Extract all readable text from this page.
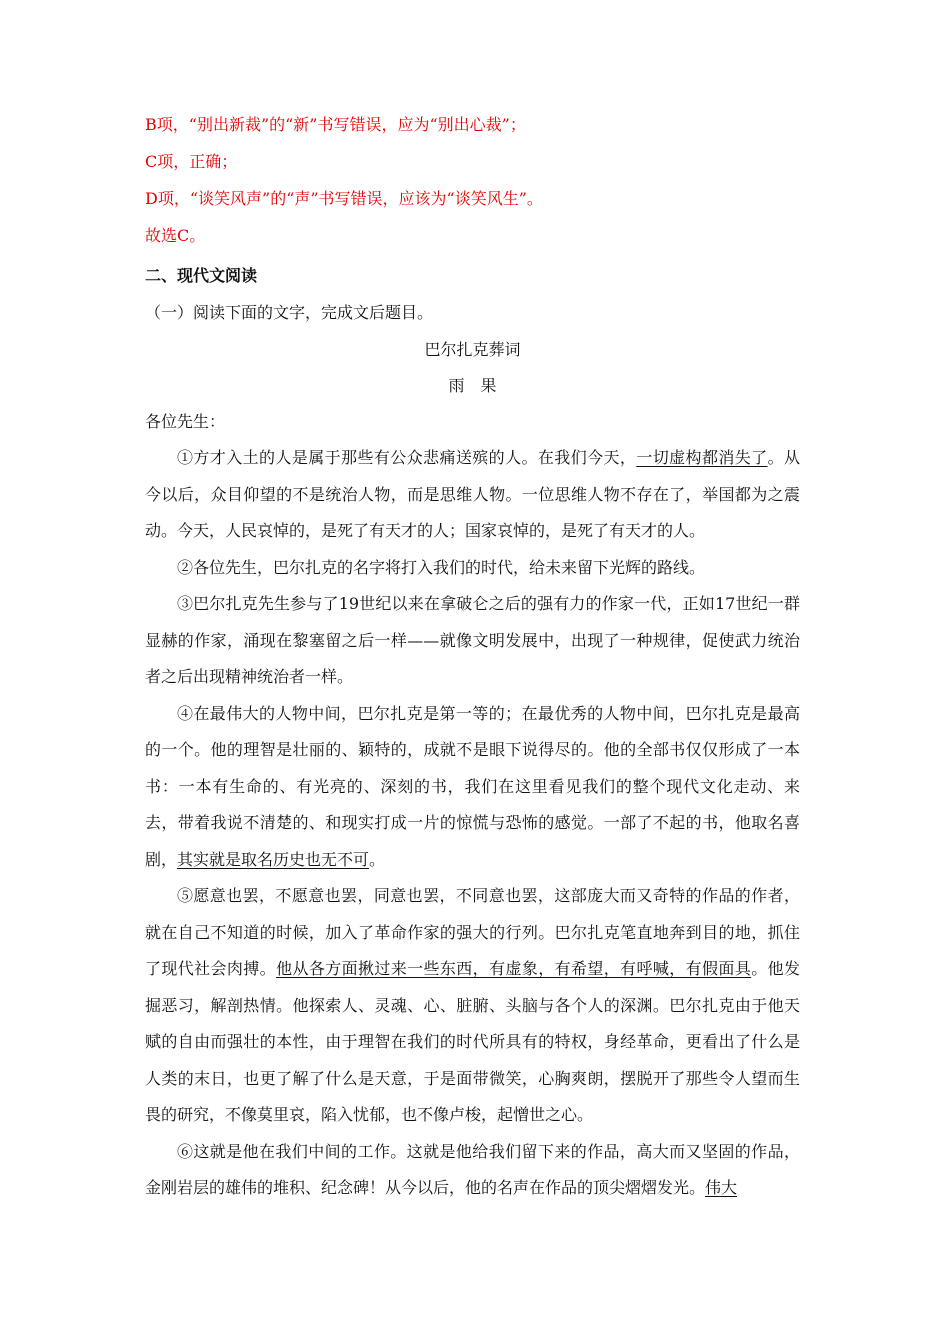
B项，“别出新裁”的“新”书写错误，应为“别出心裁”；
C项，正确；
D项，“谈笑风声”的“声”书写错误，应该为“谈笑风生”。
故选C。
二、现代文阅读
（一）阅读下面的文字，完成文后题目。
巴尔扎克葬词
雨　果
各位先生：

①方才入土的人是属于那些有公众悲痛送殡的人。在我们今天，一切虚构都消失了。从今以后，众目仰望的不是统治人物，而是思维人物。一位思维人物不存在了，举国都为之震动。今天，人民哀悼的，是死了有天才的人；国家哀悼的，是死了有天才的人。

②各位先生，巴尔扎克的名字将打入我们的时代，给未来留下光辉的路线。

③巴尔扎克先生参与了19世纪以来在拿破仑之后的强有力的作家一代，正如17世纪一群显赫的作家，涌现在黎塞留之后一样——就像文明发展中，出现了一种规律，促使武力统治者之后出现精神统治者一样。

④在最伟大的人物中间，巴尔扎克是第一等的；在最优秀的人物中间，巴尔扎克是最高的一个。他的理智是壮丽的、颖特的，成就不是眼下说得尽的。他的全部书仅仅形成了一本书：一本有生命的、有光亮的、深刻的书，我们在这里看见我们的整个现代文化走动、来去，带着我说不清楚的、和现实打成一片的惊慌与恐怖的感觉。一部了不起的书，他取名喜剧，其实就是取名历史也无不可。

⑤愿意也罢，不愿意也罢，同意也罢，不同意也罢，这部庞大而又奇特的作品的作者，就在自己不知道的时候，加入了革命作家的强大的行列。巴尔扎克笔直地奔到目的地，抓住了现代社会肉搏。他从各方面揪过来一些东西，有虚象，有希望，有呼喊，有假面具。他发掘恶习，解剖热情。他探索人、灵魂、心、脏腑、头脑与各个人的深渊。巴尔扎克由于他天赋的自由而强壮的本性，由于理智在我们的时代所具有的特权，身经革命，更看出了什么是人类的末日，也更了解了什么是天意，于是面带微笑，心胸爽朗，摆脱开了那些令人望而生畏的研究，不像莫里哀，陷入忧郁，也不像卢梭，起憎世之心。

⑥这就是他在我们中间的工作。这就是他给我们留下来的作品，高大而又坚固的作品，金刚岩层的雄伟的堆积、纪念碑！从今以后，他的名声在作品的顶尖熠熠发光。伟大
